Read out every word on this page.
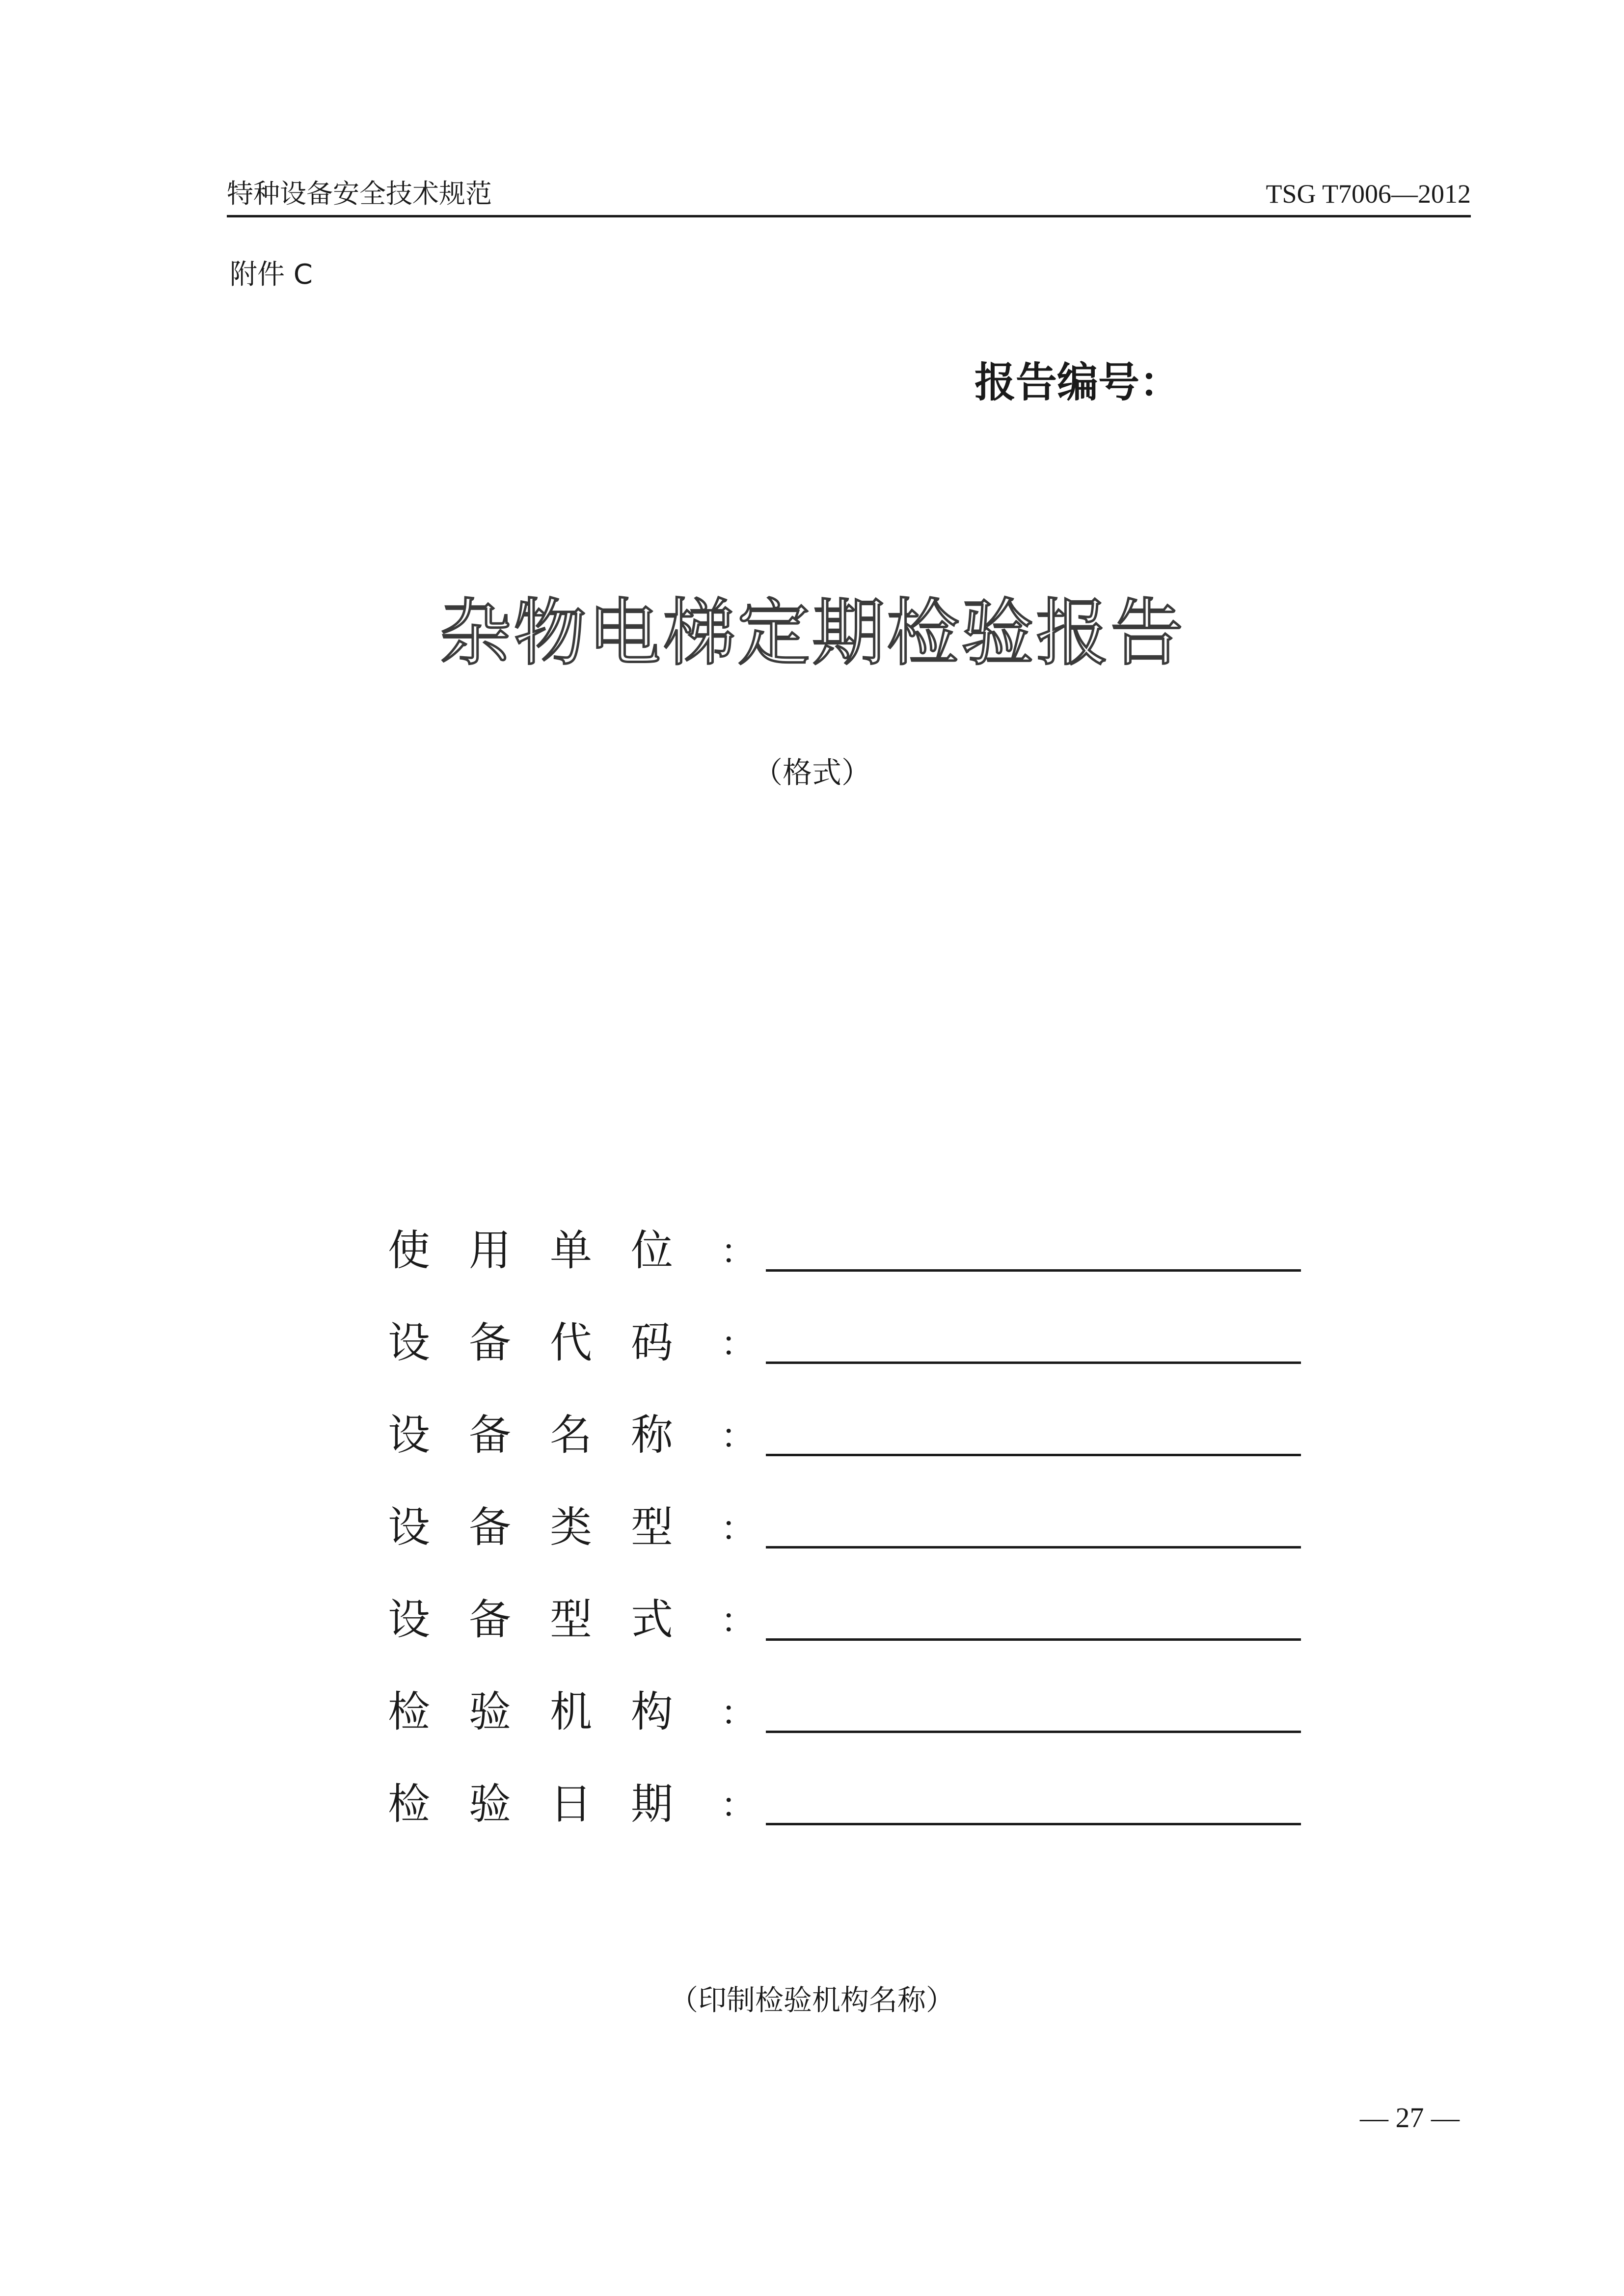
特种设备安全技术规范	TSG T7006—2012
附件 C
报告编号：
杂物电梯定期检验报告
（格式）
使 用 单 位 ：
设 备 代 码 ：
设 备 名 称 ：
设 备 类 型 ：
设 备 型 式 ：
检 验 机 构 ：
检 验 日 期 ：
（印制检验机构名称）
— 27 —
